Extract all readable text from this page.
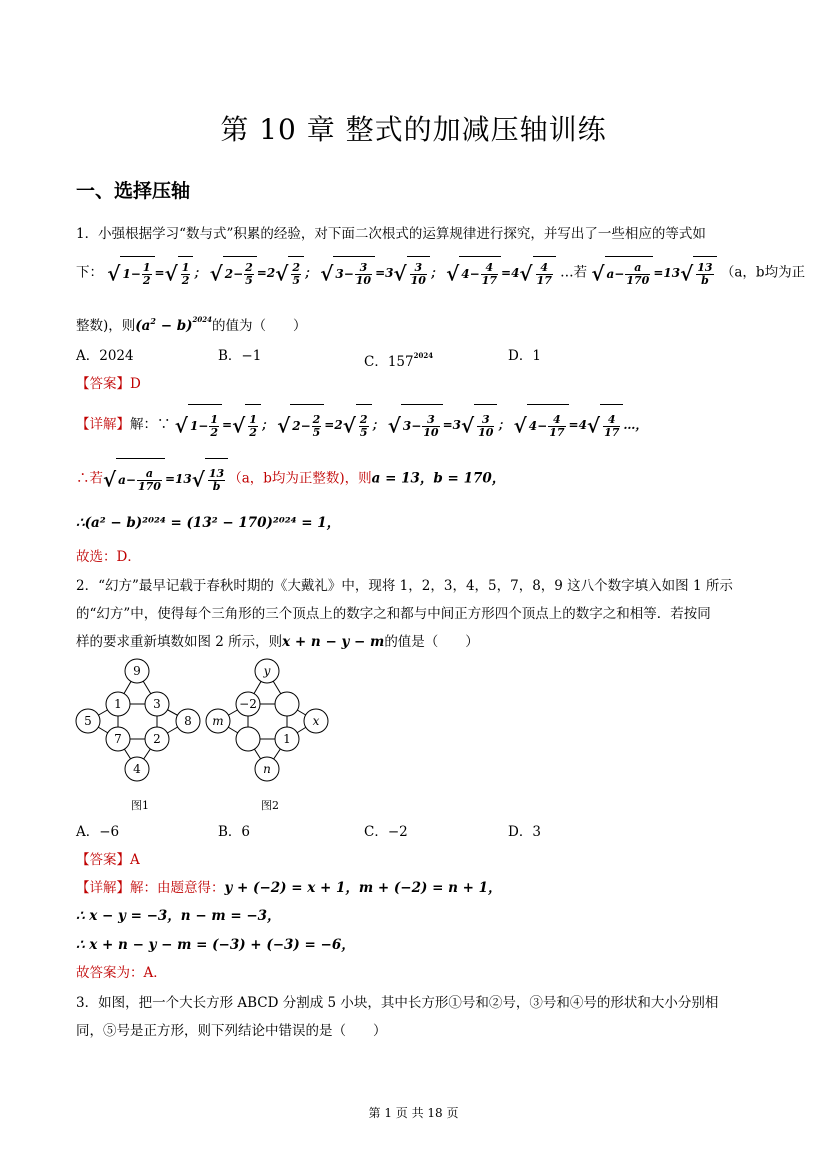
第 10 章 整式的加减压轴训练
一、选择压轴
1．小强根据学习“数与式”积累的经验，对下面二次根式的运算规律进行探究，并写出了一些相应的等式如
下： √ $1- \frac{1}{2}$ =√ $\frac{1}{2}$ ； √ $2- \frac{2}{5} =2√ \frac{2}{5}$ ； √ $3- \frac{3}{10} =3√ \frac{3}{10}$ ； √ $4- \frac{4}{17} =4√ \frac{4}{17}$ …若 √ $a- \frac{a}{170} =13√ \frac{13}{b} (a$，b均为正
整数)，则$(a^2 - b)^{2024}$的值为（　　）
A．2024	B．−1	C．$157^{2024}$	D．1
【答案】D
【详解】解：∵ √ $1- \frac{1}{2}$ =√ $\frac{1}{2}$ ； √ $2- \frac{2}{5} =2√ \frac{2}{5}$ ； √ $3- \frac{3}{10} =3√ \frac{3}{10}$ ； √ $4- \frac{4}{17} =4√ \frac{4}{17}$ …，
∴若√ $a- \frac{a}{170} =13√ \frac{13}{b} (a$，b均为正整数)，则a = 13，b = 170，
∴(a² − b)²⁰²⁴ = (13² − 170)²⁰²⁴ = 1，
故选：D．
2．“幻方”最早记载于春秋时期的《大戴礼》中，现将 1，2，3，4，5，7，8，9 这八个数字填入如图 1 所示
的“幻方”中，使得每个三角形的三个顶点上的数字之和都与中间正方形四个顶点上的数字之和相等．若按同
样的要求重新填数如图 2 所示，则x + n − y − m的值是（　　）
9
1	3
5	8
7	2
4
图1
y
−2
m	x
1
n
图2
A．−6	B．6	C．−2	D．3
【答案】A
【详解】解：由题意得：y + (−2) = x + 1，m + (−2) = n + 1，
∴ x − y = −3，n − m = −3，
∴ x + n − y − m = (−3) + (−3) = −6，
故答案为：A．
3．如图，把一个大长方形 ABCD 分割成 5 小块，其中长方形①号和②号，③号和④号的形状和大小分别相
同，⑤号是正方形，则下列结论中错误的是（　　）
第 1 页 共 18 页
